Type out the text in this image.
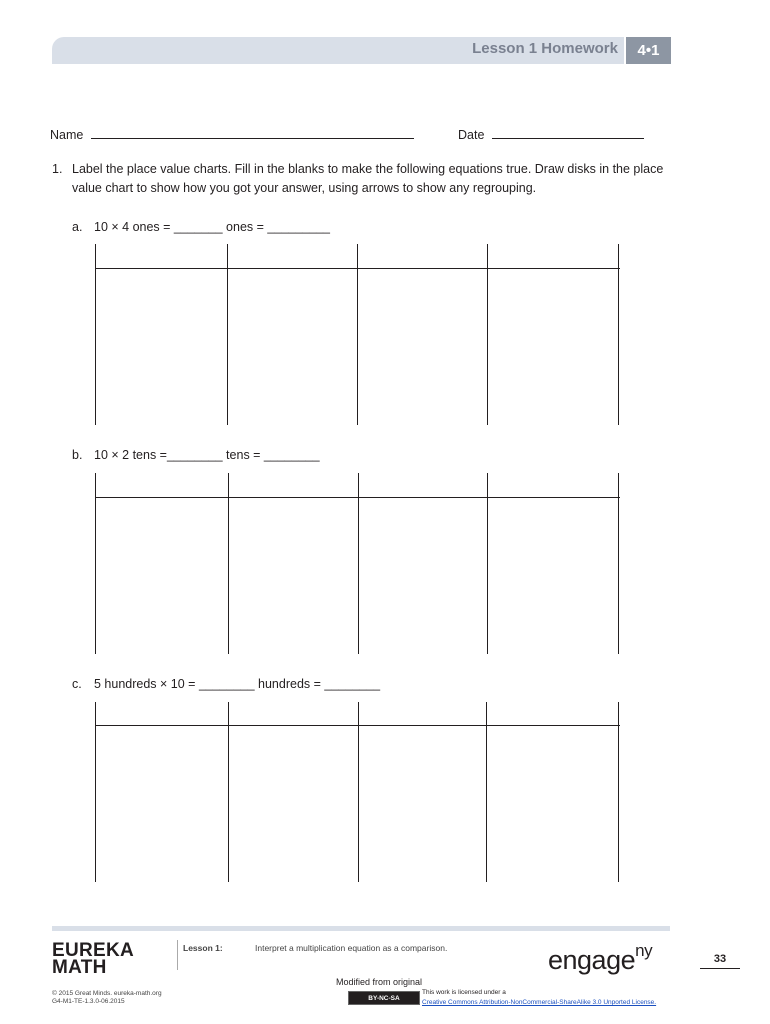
Lesson 1 Homework	4•1
Name	Date
1. Label the place value charts. Fill in the blanks to make the following equations true. Draw disks in the place value chart to show how you got your answer, using arrows to show any regrouping.
a. 10 × 4 ones = _______ ones = _________
b. 10 × 2 tens =________ tens = ________
c. 5 hundreds × 10 = ________ hundreds = ________
EUREKA
MATH
Lesson 1:	Interpret a multiplication equation as a comparison.	engage$^{ny}$	33
Modified from original
© 2015 Great Minds. eureka-math.org
G4-M1-TE-1.3.0-06.2015	BY-NC-SA
This work is licensed under a
Creative Commons Attribution-NonCommercial-ShareAlike 3.0 Unported License.
